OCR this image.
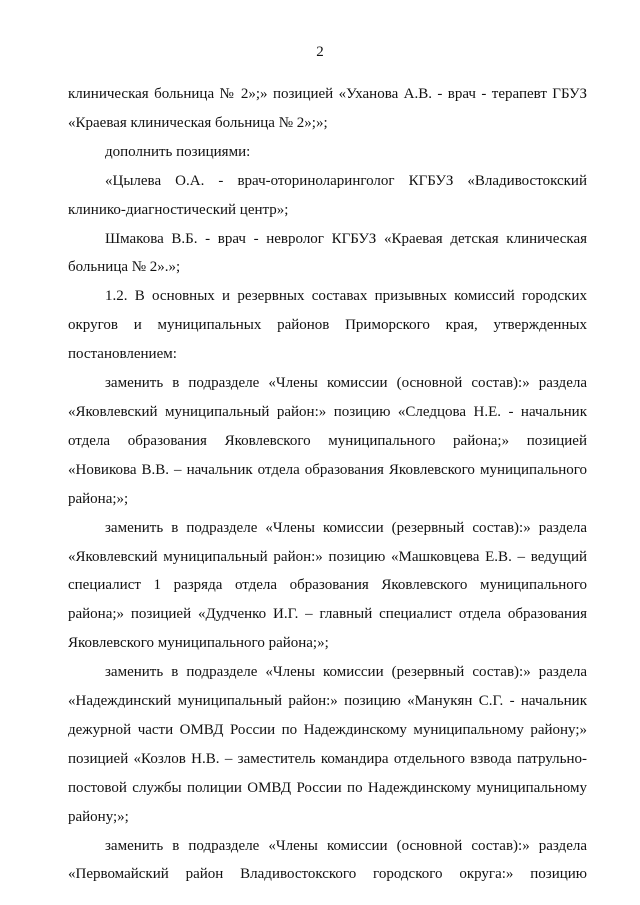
2

клиническая больница № 2»;» позицией «Уханова А.В. - врач - терапевт ГБУЗ «Краевая клиническая больница № 2»;»;

дополнить позициями:

«Цылева О.А. - врач-оториноларинголог КГБУЗ «Владивостокский клинико-диагностический центр»;

Шмакова В.Б. - врач - невролог КГБУЗ «Краевая детская клиническая больница № 2».»;

1.2. В основных и резервных составах призывных комиссий городских округов и муниципальных районов Приморского края, утвержденных постановлением:

заменить в подразделе «Члены комиссии (основной состав):» раздела «Яковлевский муниципальный район:» позицию «Следцова Н.Е. - начальник отдела образования Яковлевского муниципального района;» позицией «Новикова В.В. – начальник отдела образования Яковлевского муниципального района;»;

заменить в подразделе «Члены комиссии (резервный состав):» раздела «Яковлевский муниципальный район:» позицию «Машковцева Е.В. – ведущий специалист 1 разряда отдела образования Яковлевского муниципального района;» позицией «Дудченко И.Г. – главный специалист отдела образования Яковлевского муниципального района;»;

заменить в подразделе «Члены комиссии (резервный состав):» раздела «Надеждинский муниципальный район:» позицию «Манукян С.Г. - начальник дежурной части ОМВД России по Надеждинскому муниципальному району;» позицией «Козлов Н.В. – заместитель командира отдельного взвода патрульно-постовой службы полиции ОМВД России по Надеждинскому муниципальному району;»;

заменить в подразделе «Члены комиссии (основной состав):» раздела «Первомайский район Владивостокского городского округа:» позицию
